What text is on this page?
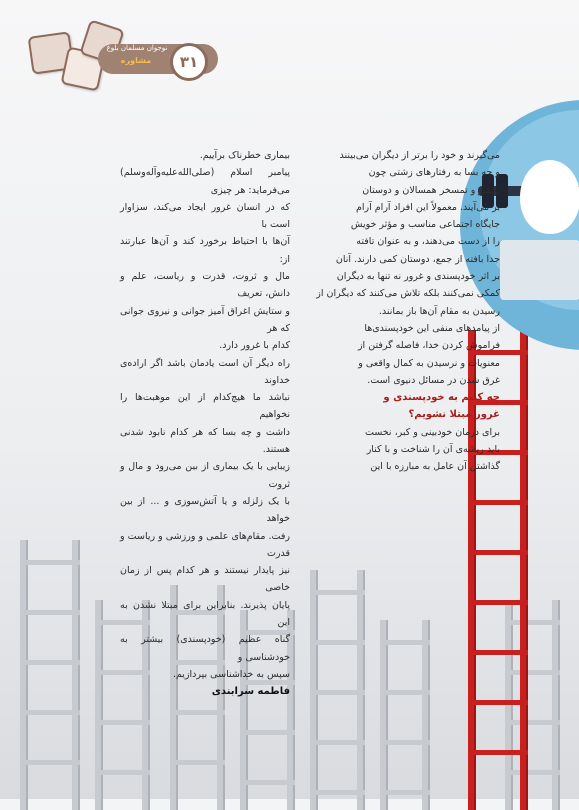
نوجوان مسلمان بلوغ
مشاوره	۳۱

می‌گیرند و خود را برتر از دیگران می‌بینند

و چه بسا به رفتارهای زشتی چون

تحقیر و تمسخر همسالان و دوستان

بر می‌آیند. معمولاً این افراد آرام آرام

جایگاه اجتماعی مناسب و مؤثر خویش

را از دست می‌دهند، و به عنوان تافته

جدا بافته از جمع، دوستان کمی دارند. آنان

بر اثر خودپسندی و غرور نه تنها به دیگران

کمکی نمی‌کنند بلکه تلاش می‌کنند که دیگران از

رسیدن به مقام آن‌ها باز بمانند.

از پیامدهای منفی این خودپسندی‌ها

فراموش کردن خدا، فاصله گرفتن از

معنویات و نرسیدن به کمال واقعی و

غرق شدن در مسائل دنیوی است.

چه کنیم به خودپسندی و

غرور مبتلا نشویم؟

برای درمان خودبینی و کبر، نخست

باید ریشه‌ی آن را شناخت و با کنار

گذاشتن آن عامل به مبارزه با این

بیماری خطرناک برآییم.

پیامبر اسلام (صلی‌الله‌علیه‌وآله‌وسلم) می‌فرماید: هر چیزی

که در انسان غرور ایجاد می‌کند، سزاوار است با

آن‌ها با احتیاط برخورد کند و آن‌ها عبارتند از:

مال و ثروت، قدرت و ریاست، علم و دانش، تعریف

و ستایش اغراق آمیز جوانی و نیروی جوانی که هر

کدام با غرور دارد.

راه دیگر آن است یادمان باشد اگر اراده‌ی خداوند

نباشد ما هیچ‌کدام از این موهبت‌ها را نخواهیم

داشت و چه بسا که هر کدام نابود شدنی هستند.

زیبایی با یک بیماری از بین می‌رود و مال و ثروت

با یک زلزله و یا آتش‌سوزی و ... از بین خواهد

رفت. مقام‌های علمی و ورزشی و ریاست و قدرت

نیز پایدار نیستند و هر کدام پس از زمان خاصی

پایان پذیرند. بنابراین برای مبتلا نشدن به این

گناه عظیم (خودپسندی) بیشتر به خودشناسی و

سپس به خداشناسی بپردازیم.

فاطمه سرابندی
